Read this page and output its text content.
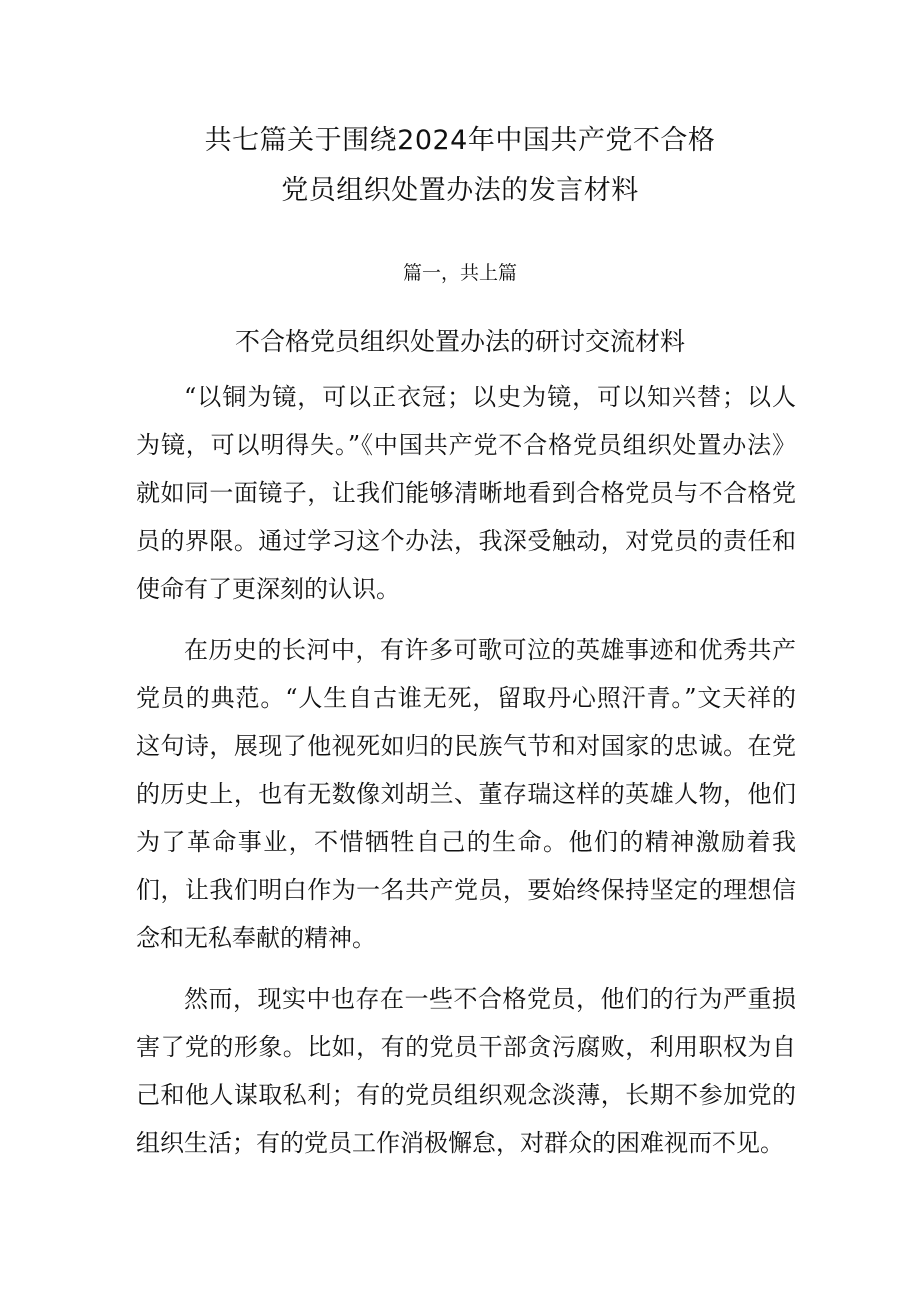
共七篇关于围绕2024年中国共产党不合格
党员组织处置办法的发言材料
篇一，共上篇
不合格党员组织处置办法的研讨交流材料

“以铜为镜，可以正衣冠；以史为镜，可以知兴替；以人为镜，可以明得失。”《中国共产党不合格党员组织处置办法》就如同一面镜子，让我们能够清晰地看到合格党员与不合格党员的界限。通过学习这个办法，我深受触动，对党员的责任和使命有了更深刻的认识。

在历史的长河中，有许多可歌可泣的英雄事迹和优秀共产党员的典范。“人生自古谁无死，留取丹心照汗青。”文天祥的这句诗，展现了他视死如归的民族气节和对国家的忠诚。在党的历史上，也有无数像刘胡兰、董存瑞这样的英雄人物，他们为了革命事业，不惜牺牲自己的生命。他们的精神激励着我们，让我们明白作为一名共产党员，要始终保持坚定的理想信念和无私奉献的精神。

然而，现实中也存在一些不合格党员，他们的行为严重损害了党的形象。比如，有的党员干部贪污腐败，利用职权为自己和他人谋取私利；有的党员组织观念淡薄，长期不参加党的组织生活；有的党员工作消极懈怠，对群众的困难视而不见。
